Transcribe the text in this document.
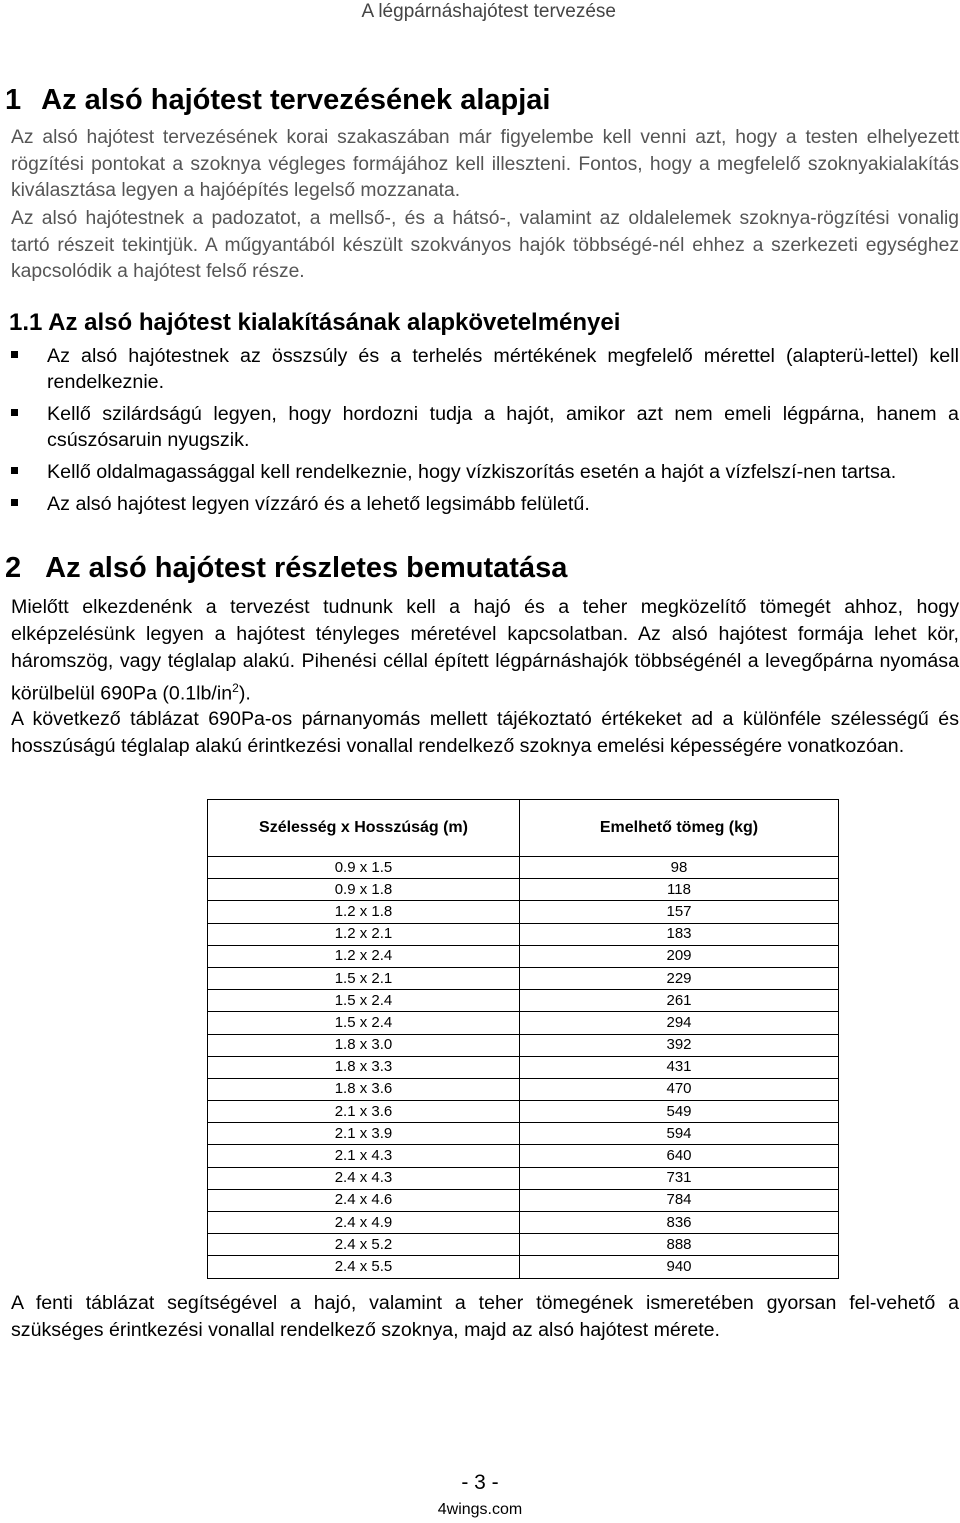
A légpárnáshajótest tervezése
1 Az alsó hajótest tervezésének alapjai

Az alsó hajótest tervezésének korai szakaszában már figyelembe kell venni azt, hogy a testen elhelyezett rögzítési pontokat a szoknya végleges formájához kell illeszteni. Fontos, hogy a megfelelő szoknyakialakítás kiválasztása legyen a hajóépítés legelső mozzanata.

Az alsó hajótestnek a padozatot, a mellső-, és a hátsó-, valamint az oldalelemek szoknya-rögzítési vonalig tartó részeit tekintjük. A műgyantából készült szokványos hajók többségé-nél ehhez a szerkezeti egységhez kapcsolódik a hajótest felső része.

1.1 Az alsó hajótest kialakításának alapkövetelményei
Az alsó hajótestnek az összsúly és a terhelés mértékének megfelelő mérettel (alapterü-lettel) kell rendelkeznie.
Kellő szilárdságú legyen, hogy hordozni tudja a hajót, amikor azt nem emeli légpárna, hanem a csúszósaruin nyugszik.
Kellő oldalmagassággal kell rendelkeznie, hogy vízkiszorítás esetén a hajót a vízfelszí-nen tartsa.
Az alsó hajótest legyen vízzáró és a lehető legsimább felületű.
2 Az alsó hajótest részletes bemutatása

Mielőtt elkezdenénk a tervezést tudnunk kell a hajó és a teher megközelítő tömegét ahhoz, hogy elképzelésünk legyen a hajótest tényleges méretével kapcsolatban. Az alsó hajótest formája lehet kör, háromszög, vagy téglalap alakú. Pihenési céllal épített légpárnáshajók többségénél a levegőpárna nyomása körülbelül 690Pa $(0.1lb/in^2)$.

A következő táblázat 690Pa-os párnanyomás mellett tájékoztató értékeket ad a különféle szélességű és hosszúságú téglalap alakú érintkezési vonallal rendelkező szoknya emelési képességére vonatkozóan.

Szélesség x Hosszúság (m)	Emelhető tömeg (kg)
0.9 x 1.5	98
0.9 x 1.8	118
1.2 x 1.8	157
1.2 x 2.1	183
1.2 x 2.4	209
1.5 x 2.1	229
1.5 x 2.4	261
1.5 x 2.4	294
1.8 x 3.0	392
1.8 x 3.3	431
1.8 x 3.6	470
2.1 x 3.6	549
2.1 x 3.9	594
2.1 x 4.3	640
2.4 x 4.3	731
2.4 x 4.6	784
2.4 x 4.9	836
2.4 x 5.2	888
2.4 x 5.5	940

A fenti táblázat segítségével a hajó, valamint a teher tömegének ismeretében gyorsan fel-vehető a szükséges érintkezési vonallal rendelkező szoknya, majd az alsó hajótest mérete.

- 3 -
4wings.com
